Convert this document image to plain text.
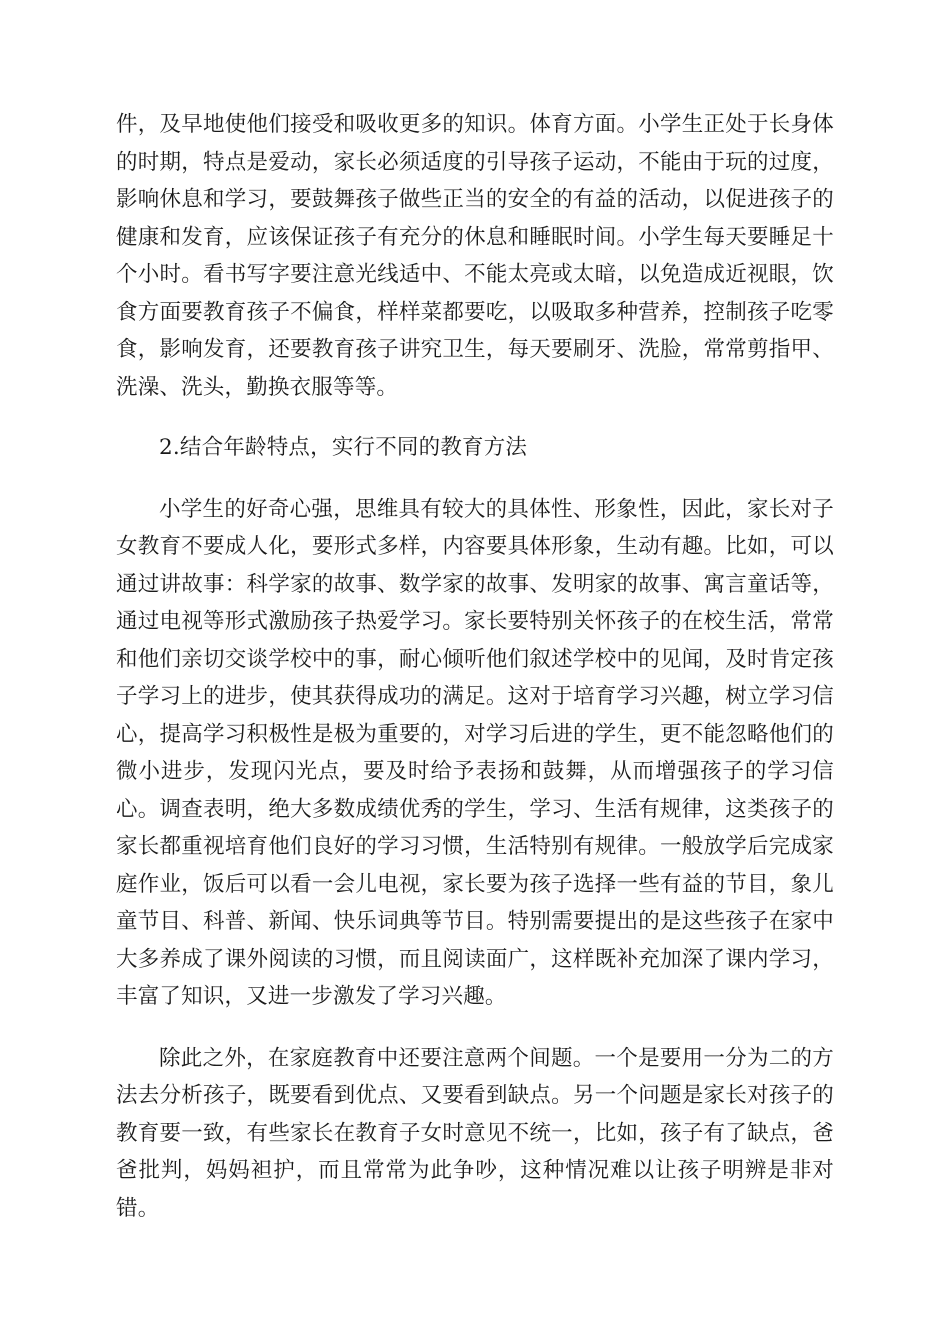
件，及早地使他们接受和吸收更多的知识。体育方面。小学生正处于长身体的时期，特点是爱动，家长必须适度的引导孩子运动，不能由于玩的过度，影响休息和学习，要鼓舞孩子做些正当的安全的有益的活动，以促进孩子的健康和发育，应该保证孩子有充分的休息和睡眠时间。小学生每天要睡足十个小时。看书写字要注意光线适中、不能太亮或太暗，以免造成近视眼，饮食方面要教育孩子不偏食，样样菜都要吃，以吸取多种营养，控制孩子吃零食，影响发育，还要教育孩子讲究卫生，每天要刷牙、洗脸，常常剪指甲、洗澡、洗头，勤换衣服等等。

2.结合年龄特点，实行不同的教育方法

小学生的好奇心强，思维具有较大的具体性、形象性，因此，家长对子女教育不要成人化，要形式多样，内容要具体形象，生动有趣。比如，可以通过讲故事：科学家的故事、数学家的故事、发明家的故事、寓言童话等，通过电视等形式激励孩子热爱学习。家长要特别关怀孩子的在校生活，常常和他们亲切交谈学校中的事，耐心倾听他们叙述学校中的见闻，及时肯定孩子学习上的进步，使其获得成功的满足。这对于培育学习兴趣，树立学习信心，提高学习积极性是极为重要的，对学习后进的学生，更不能忽略他们的微小进步，发现闪光点，要及时给予表扬和鼓舞，从而增强孩子的学习信心。调查表明，绝大多数成绩优秀的学生，学习、生活有规律，这类孩子的家长都重视培育他们良好的学习习惯，生活特别有规律。一般放学后完成家庭作业，饭后可以看一会儿电视，家长要为孩子选择一些有益的节目，象儿童节目、科普、新闻、快乐词典等节目。特别需要提出的是这些孩子在家中大多养成了课外阅读的习惯，而且阅读面广，这样既补充加深了课内学习，丰富了知识，又进一步激发了学习兴趣。

除此之外，在家庭教育中还要注意两个间题。一个是要用一分为二的方法去分析孩子，既要看到优点、又要看到缺点。另一个问题是家长对孩子的教育要一致，有些家长在教育子女时意见不统一，比如，孩子有了缺点，爸爸批判，妈妈袒护，而且常常为此争吵，这种情况难以让孩子明辨是非对错。
